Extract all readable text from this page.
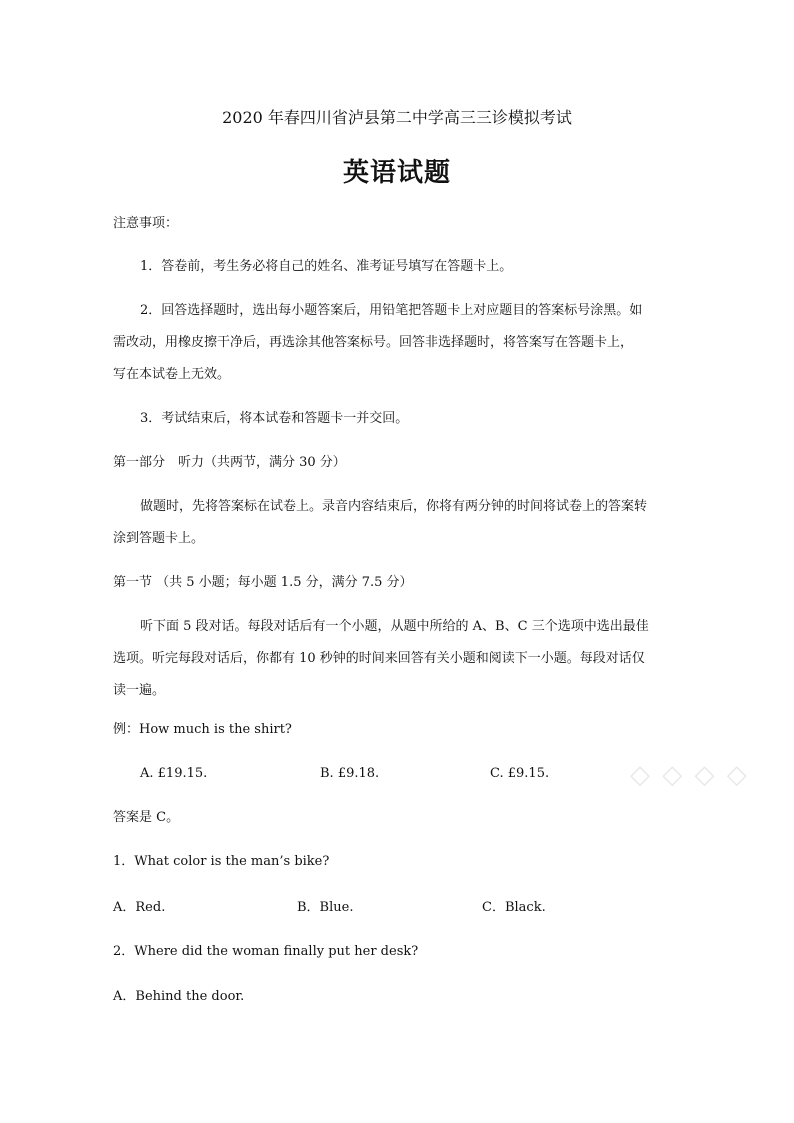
2020 年春四川省泸县第二中学高三三诊模拟考试
英语试题
注意事项：
1．答卷前，考生务必将自己的姓名、准考证号填写在答题卡上。
2．回答选择题时，选出每小题答案后，用铅笔把答题卡上对应题目的答案标号涂黑。如
需改动，用橡皮擦干净后，再选涂其他答案标号。回答非选择题时，将答案写在答题卡上，
写在本试卷上无效。
3．考试结束后，将本试卷和答题卡一并交回。
第一部分　听力（共两节，满分 30 分）
做题时，先将答案标在试卷上。录音内容结束后，你将有两分钟的时间将试卷上的答案转
涂到答题卡上。
第一节 （共 5 小题；每小题 1.5 分，满分 7.5 分）
听下面 5 段对话。每段对话后有一个小题，从题中所给的 A、B、C 三个选项中选出最佳
选项。听完每段对话后，你都有 10 秒钟的时间来回答有关小题和阅读下一小题。每段对话仅
读一遍。
例：How much is the shirt?
A. £19.15.	B. £9.18.	C. £9.15.	◇ ◇ ◇ ◇
答案是 C。
1．What color is the man’s bike?
A．Red.	B．Blue.	C．Black.
2．Where did the woman finally put her desk?
A．Behind the door.
